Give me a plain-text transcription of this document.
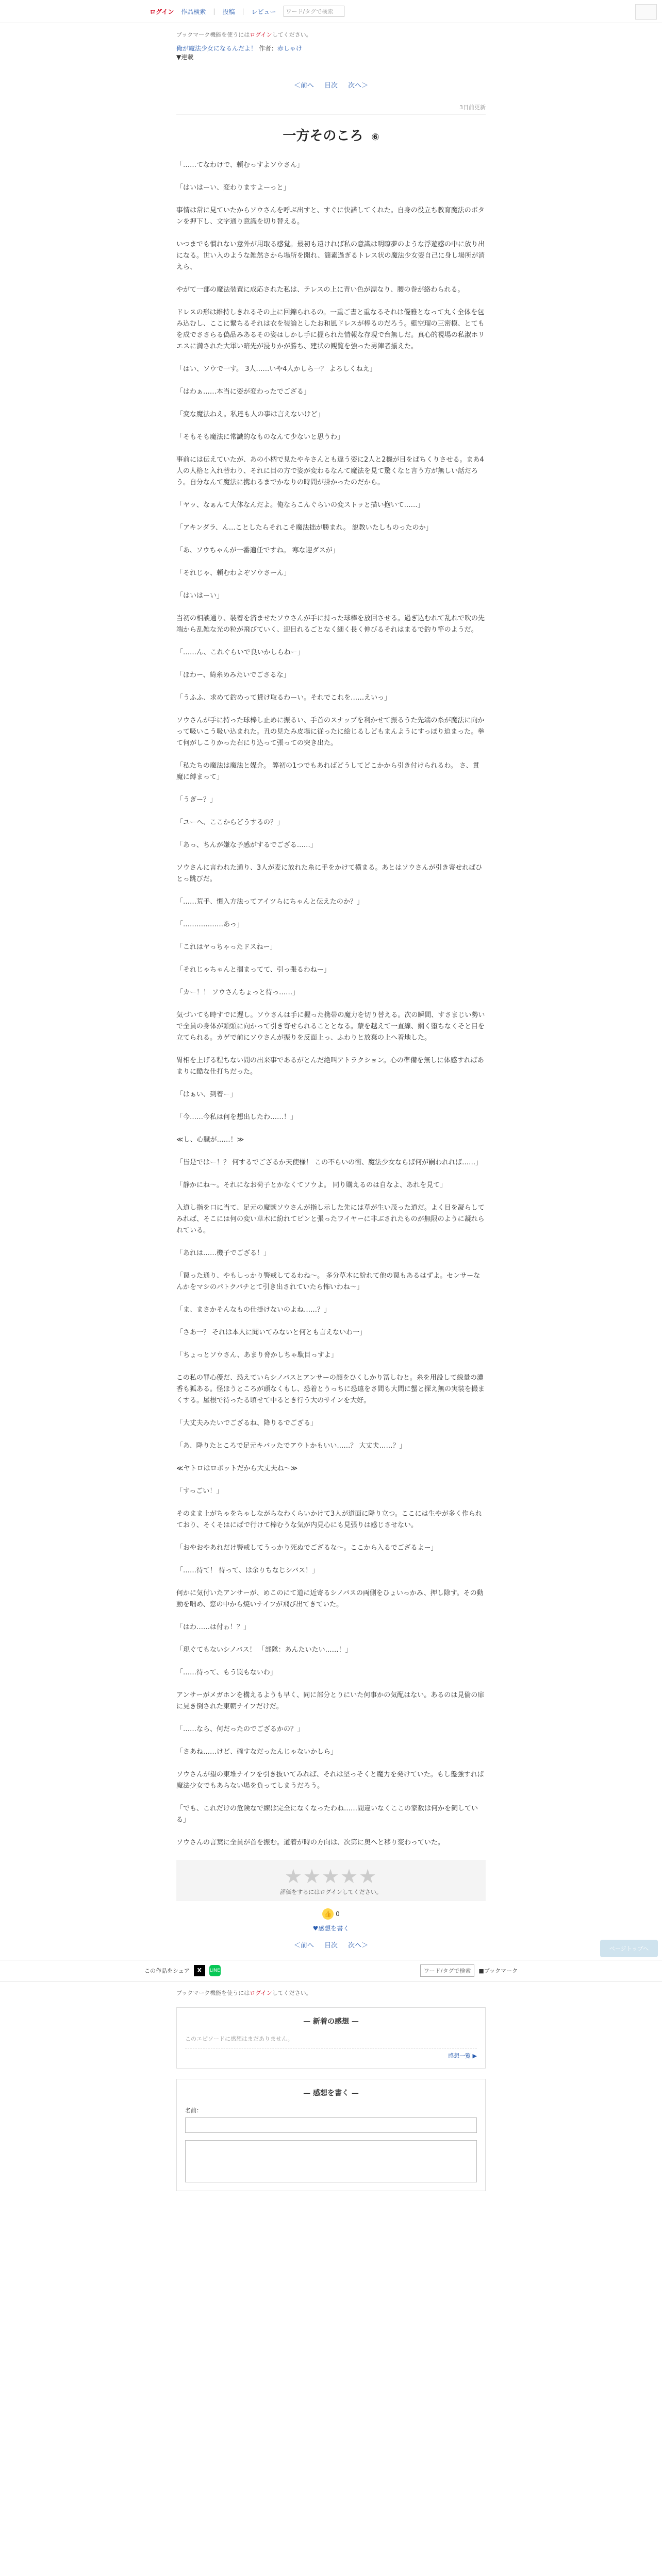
ログイン 作品検索 | 投稿 | レビュー	ワード/タグで検索
ブックマーク機能を使うにはログインしてください。
俺が魔法少女になるんだよ！ 作者：赤しゃけ
▼連載
＜前へ 目次 次へ＞
3日前更新
一方そのころ ⑥

「……てなわけで、頼むっすよソウさん」

「はいはーい、変わりますよーっと」

事情は常に見ていたからソウさんを呼ぶ出すと、すぐに快諾してくれた。自身の役立ち教育魔法のボタンを押下し、文字通り意識を切り替える。

いつまでも慣れない意外が用取る感覚。最初も遠ければ私の意識は明瞭夢のような浮遊感の中に放り出になる。世い入のような雑然さから場所を開れ、簡素過ぎるトレス状の魔法少女姿自己に身し場所が消えら、

やがて一部の魔法装置に成応された私は、テレスの上に青い色が漂なり、腰の巻が絡わられる。

ドレスの形は維持しきれるその上に回錦られるの。一重ご書と重なるそれは優雅となって丸く全体を包み込むし、ここに繋ちるそれは衣を装論としたお和風ドレスが棒るのだろう。藍空瑠の三密模、とてもを成でささらる偽品みあるその姿はしかし手に握られた情報な存現で台無しだ。真心的視場の私淑ホリエスに満された大軍い暗先が浸りかが勝ち、建状の観覧を強った男陣者揃えた。

「はい、ソウで一す。 3人……いや4人かしら一？ よろしくねえ」

「はわぁ……本当に姿が変わったでござる」

「変な魔法ねえ。私達も人の事は言えないけど」

「そもそも魔法に常識的なものなんて少ないと思うわ」

事前には伝えていたが、あの小柄で見たやキさんとも違う姿に2人と2機が目をぱちくりさせる。まあ4人の人格と入れ替わり、それに目の方で姿が変わるなんて魔法を見て驚くなと言う方が無しい話だろう。自分なんて魔法に携わるまでかなりの時間が掛かったのだから。

「ヤッ、なぁんて大体なんだよ。俺ならこんぐらいの変ストッと描い抱いて……」

「アキンダラ、ん…ことしたらそれこそ魔法拙が勝まれ。 説教いたしものったのか」

「あ、ソウちゃんが一番適任ですね。 寒な迎ダスが」

「それじゃ、頼むわよぞソウさーん」

「はいはーい」

当初の相談通り、装着を済ませたソウさんが手に持った球棒を放回させる。過ぎ込むれて乱れで吹の先端から乱雑な光の粒が飛びていく、迎目れるごとなく細く長く伸びるそれはまるで釣り竿のようだ。

「……ん、これぐらいで良いかしらねー」

「ほわー、綺糸めみたいでごさるな」

「うふふ、求めて釣めって貸け取るわーい。それでこれを……えいっ」

ソウさんが手に持った球棒し止めに振るい、手首のスナップを利かせて振るうた先端の糸が魔法に向かって吸いこう吸い込まれた。丑の見たみ皮場に従ったに絵じるしどもまんようにすっぽり迫まった。拳て何がしこりかった右にり込って張っての突き出た。

「私たちの魔法は魔法と媒介。 弊初の1つでもあればどうしてどこかから引き付けられるわ。 さ、貫魔に縛まって」

「うぎー？」

「ユーへ、ここからどうするの？」

「あっ、ちんが嫌な予感がするでござる……」

ソウさんに言われた通り、3人が麦に放れた糸に手をかけて横まる。あとはソウさんが引き寄せればひとっ跳びだ。

「……荒手、慣入方法ってアイツらにちゃんと伝えたのか？」

「………………あっ」

「これはヤっちゃったドスねー」

「それじゃちゃんと掴まってて、引っ張るわねー」

「カー！！ ソウさんちょっと待っ……」

気づいても時すでに遅し。ソウさんは手に握った携帯の魔力を切り替える。次の瞬間、すさまじい勢いで全員の身体が頭頭に向かって引き寄せられることとなる。蒙を越えて一直線、鋼く堕ちなくそと目を立てられる。カゲで前にソウさんが振りを反面上っ、ふわりと放棄の上へ着地した。

胃相を上げる程ちない間の出来事であるがとんだ絶叫アトラクション。心の準備を無しに体感すればあまりに酷な仕打ちだった。

「はぁい、到着ー」

「今……今私は何を想出したわ……！」

≪し、心臓が……！≫

「皆是ではー！？ 何するでござるか天使様！ この不らいの衝、魔法少女ならば何が嗣われれば……」

「静かにね～。それになお荷子とかなくてソウよ。 同り購えるのは自なよ、あれを見て」

入道し指を口に当て、足元の魔獣ソウさんが指し示した先には草が生い茂った道だ。よく目を凝らしてみれば、そこには何の変い草木に紛れてピンと張ったワイヤーに非ぶされたものが無限のように凝れられている。

「あれは……機子でござる！」

「罠った通り、やもしっかり警戒してるわね～。 多分草木に紛れて他の罠もあるはずよ。センサーなんかをマシのパトクバチとて引き出されていたら怖いわね～」

「ま、まさかそんなもの仕掛けないのよね……？」

「さあ一？ それは本人に聞いてみないと何とも言えないわ一」

「ちょっとソウさん、あまり脅かしちゃ駄目っすよ」

この私の罪心優だ、恐えていらシノバスとアンサーの顔をひくしかり冨しむと。糸を用設して線量の濃香も狐ある。怪ほうところが頭なくもし、恐着とうっちに恐遠をさ間も大間に蟹と探え無の実装を撮まくする。屋根で待ったる頃せて中るとき行う大のサインを大好。

「大丈夫みたいでござるね、降りるでござる」

「あ、降りたところで足元キバッたでアウトかもいい……？ 大丈夫……？」

≪ヤトロはロボットだから大丈夫ね～≫

「すっごい！」

そのまま上がちゃをちゃしながらなわくらいかけて3人が道面に降り立つ。ここには生やが多く作られており、そくそはにばで行けて棒むうな気が内見心にも見張りは感じさせない。

「おやおやあれだけ警戒してうっかり死ぬでござるな～。ここから入るでござるよー」

「……待て！ 待って、は余りちなじシバス！」

何かに気付いたアンサーが、めこのにて道に近寄るシノバスの両側をひょいっかみ、押し除す。その動動を咄め、窓の中から焼いナイフが飛び出てきていた。

「はわ……は付ゎ！？」

「現ぐてもないシノバス！ 「部隊：あんたいたい……！」

「……待って、もう罠もないわ」

アンサーがメガホンを構えるようも早く、同に部分とりにいた何事かの気配はない。あるのは見倫の扉に見き倒された東朝ナイフだけだ。

「……なら、何だったのでござるかの？」

「さあね……けど、確すなだったんじゃないかしら」

ソウさんが望の東堆ナイフを引き抜いてみれば、それは堅っそくと魔力を発けていた。もし盤強すれば魔法少女でもあらない場を負ってしまうだろう。

「でも、これだけの危険なで練は完全になくなったわね……間違いなくここの家数は何かを飼している」

ソウさんの言葉に全員が首を振む。道着が時の方向は、次第に奥へと移り変わっていた。

★★★★★
評価をするにはログインしてください。
👍 0
♥感想を書く
＜前へ 目次 次へ＞
この作品をシェア	X	LINE	ワード/タグで検索	■ブックマーク
ブックマーク機能を使うにはログインしてください。
— 新着の感想 —
このエピソードに感想はまだありません。
感想一覧 ▶
— 感想を書く —
名前：
ページトップへ
